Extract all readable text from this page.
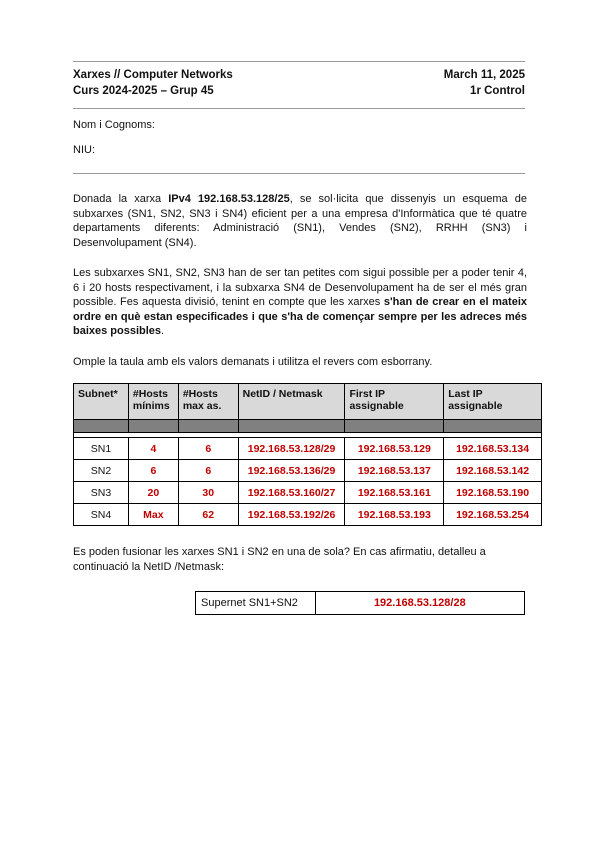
Xarxes // Computer Networks	March 11, 2025
Curs 2024-2025 – Grup 45	1r Control
Nom i Cognoms:
NIU:
Donada la xarxa IPv4 192.168.53.128/25, se sol·licita que dissenyis un esquema de subxarxes (SN1, SN2, SN3 i SN4) eficient per a una empresa d'Informàtica que té quatre departaments diferents: Administració (SN1), Vendes (SN2), RRHH (SN3) i
Desenvolupament (SN4).
Les subxarxes SN1, SN2, SN3 han de ser tan petites com sigui possible per a poder tenir 4, 6 i 20 hosts respectivament, i la subxarxa SN4 de Desenvolupament ha de ser el més gran possible. Fes aquesta divisió, tenint en compte que les xarxes s'han de crear en el mateix ordre en què estan especificades i que s'ha de començar sempre per les adreces més
baixes possibles.
Omple la taula amb els valors demanats i utilitza el revers com esborrany.
Subnet*	#Hosts mínims	#Hosts max as.	NetID / Netmask	First IP assignable	Last IP assignable

SN1	4	6	192.168.53.128/29	192.168.53.129	192.168.53.134
SN2	6	6	192.168.53.136/29	192.168.53.137	192.168.53.142
SN3	20	30	192.168.53.160/27	192.168.53.161	192.168.53.190
SN4	Max	62	192.168.53.192/26	192.168.53.193	192.168.53.254
Es poden fusionar les xarxes SN1 i SN2 en una de sola? En cas afirmatiu, detalleu a
continuació la NetID /Netmask:
Supernet SN1+SN2	192.168.53.128/28
